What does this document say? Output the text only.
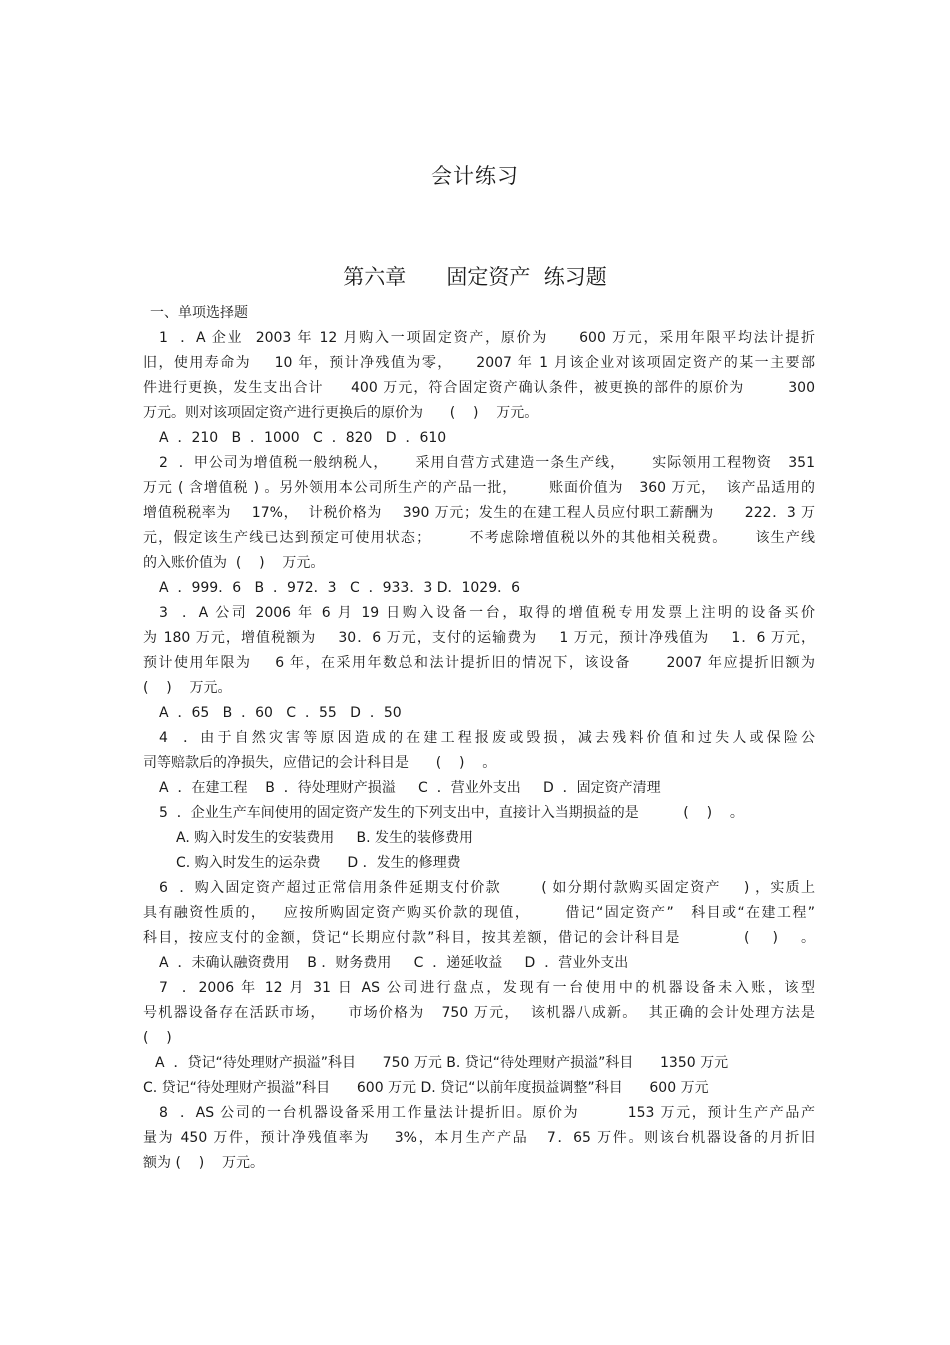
会计练习
第六章      固定资产  练习题
一、单项选择题
1  ．A 企业  2003 年 12 月购入一项固定资产，原价为     600 万元，采用年限平均法计提折
旧，使用寿命为    10 年，预计净残值为零，    2007 年 1 月该企业对该项固定资产的某一主要部
件进行更换，发生支出合计     400 万元，符合固定资产确认条件，被更换的部件的原价为        300
万元。则对该项固定资产进行更换后的原价为      (    )    万元。
A  ．210   B  ．1000   C  ．820   D  ．610
2  ．甲公司为增值税一般纳税人，     采用自营方式建造一条生产线，     实际领用工程物资   351
万元 ( 含增值税 ) 。另外领用本公司所生产的产品一批，      账面价值为   360 万元，  该产品适用的
增值税税率为    17%，  计税价格为    390 万元；发生的在建工程人员应付职工薪酬为      222．3 万
元，假定该生产线已达到预定可使用状态；       不考虑除增值税以外的其他相关税费。     该生产线
的入账价值为  (    )    万元。
A  ．999．6   B  ．972．3   C  ．933．3 D．1029．6
3  ．A 公司 2006 年 6 月 19 日购入设备一台，取得的增值税专用发票上注明的设备买价
为 180 万元，增值税额为    30．6 万元，支付的运输费为    1 万元，预计净残值为    1．6 万元，
预计使用年限为    6 年，在采用年数总和法计提折旧的情况下，该设备      2007 年应提折旧额为
(    )    万元。
A  ．65   B  ．60   C  ．55   D  ．50
4  ．由于自然灾害等原因造成的在建工程报废或毁损，减去残料价值和过失人或保险公
司等赔款后的净损失，应借记的会计科目是      (    )    。
A  ．在建工程    B  ．待处理财产损溢     C  ．营业外支出     D  ．固定资产清理
5  ．企业生产车间使用的固定资产发生的下列支出中，直接计入当期损益的是          (    )    。
A. 购入时发生的安装费用     B. 发生的装修费用
C. 购入时发生的运杂费      D ．发生的修理费
6  ．购入固定资产超过正常信用条件延期支付价款       ( 如分期付款购买固定资产    ) ，实质上
具有融资性质的，   应按所购固定资产购买价款的现值，      借记“固定资产”   科目或“在建工程”
科目，按应支付的金额，贷记“长期应付款”科目，按其差额，借记的会计科目是           (    )    。
A  ．未确认融资费用    B ．财务费用     C  ．递延收益     D  ．营业外支出
7  ．2006 年 12 月 31 日 AS 公司进行盘点，发现有一台使用中的机器设备未入账，该型
号机器设备存在活跃市场，    市场价格为   750 万元，  该机器八成新。  其正确的会计处理方法是
(    )
A  ．贷记“待处理财产损溢”科目      750 万元 B. 贷记“待处理财产损溢”科目      1350 万元
C. 贷记“待处理财产损溢”科目      600 万元 D. 贷记“以前年度损益调整”科目      600 万元
8  ．AS 公司的一台机器设备采用工作量法计提折旧。原价为        153 万元，预计生产产品产
量为 450 万件，预计净残值率为    3%，本月生产产品   7．65 万件。则该台机器设备的月折旧
额为 (    )    万元。
